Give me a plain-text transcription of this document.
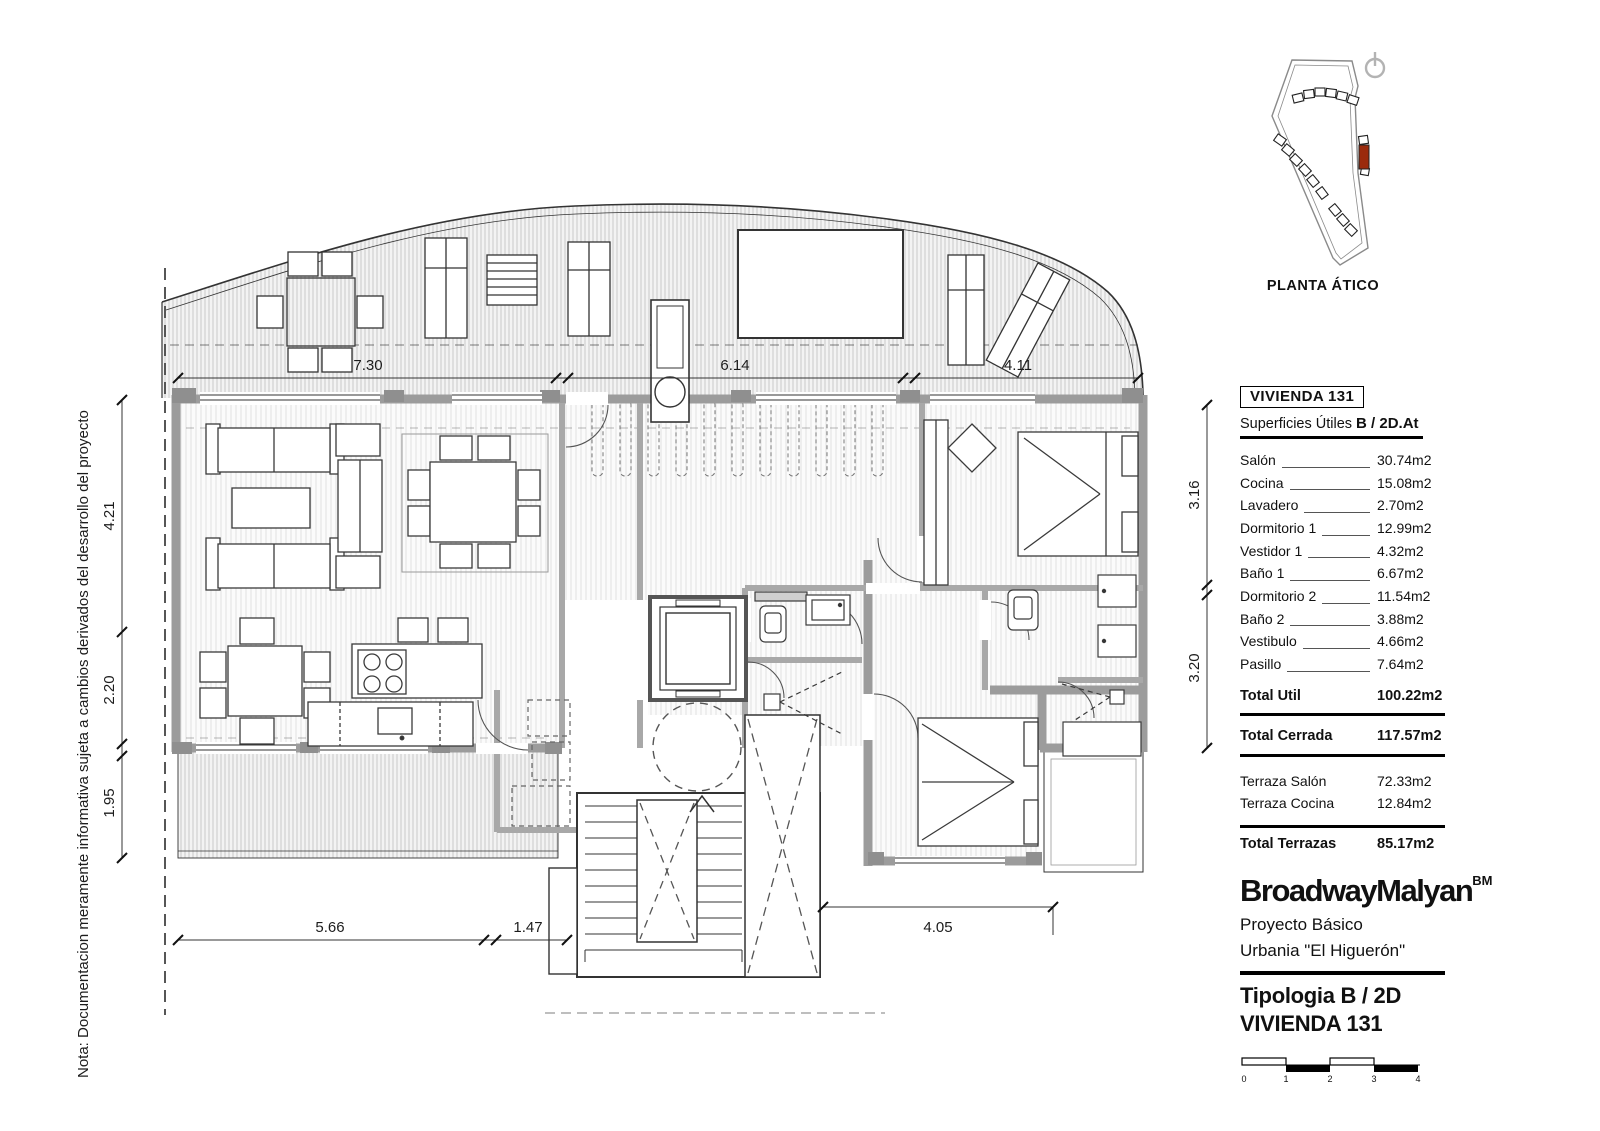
Nota: Documentacion meramente informativa sujeta a cambios derivados del desarrollo del proyecto
7.30	6.14	4.11
4.21
2.20
1.95
3.16
3.20
5.66	1.47	4.05
PLANTA ÁTICO
VIVIENDA 131
Superficies Útiles B / 2D.At
Salón	30.74m2
Cocina	15.08m2
Lavadero	2.70m2
Dormitorio 1	12.99m2
Vestidor 1	4.32m2
Baño 1	6.67m2
Dormitorio 2	11.54m2
Baño 2	3.88m2
Vestibulo	4.66m2
Pasillo	7.64m2
Total Util	100.22m2
Total Cerrada	117.57m2
Terraza Salón	72.33m2
Terraza Cocina	12.84m2
Total Terrazas	85.17m2
BroadwayMalyan$^{BM}$
Proyecto Básico
Urbania "El Higuerón"
Tipologia B / 2D
VIVIENDA 131
0	1	2	3	4
